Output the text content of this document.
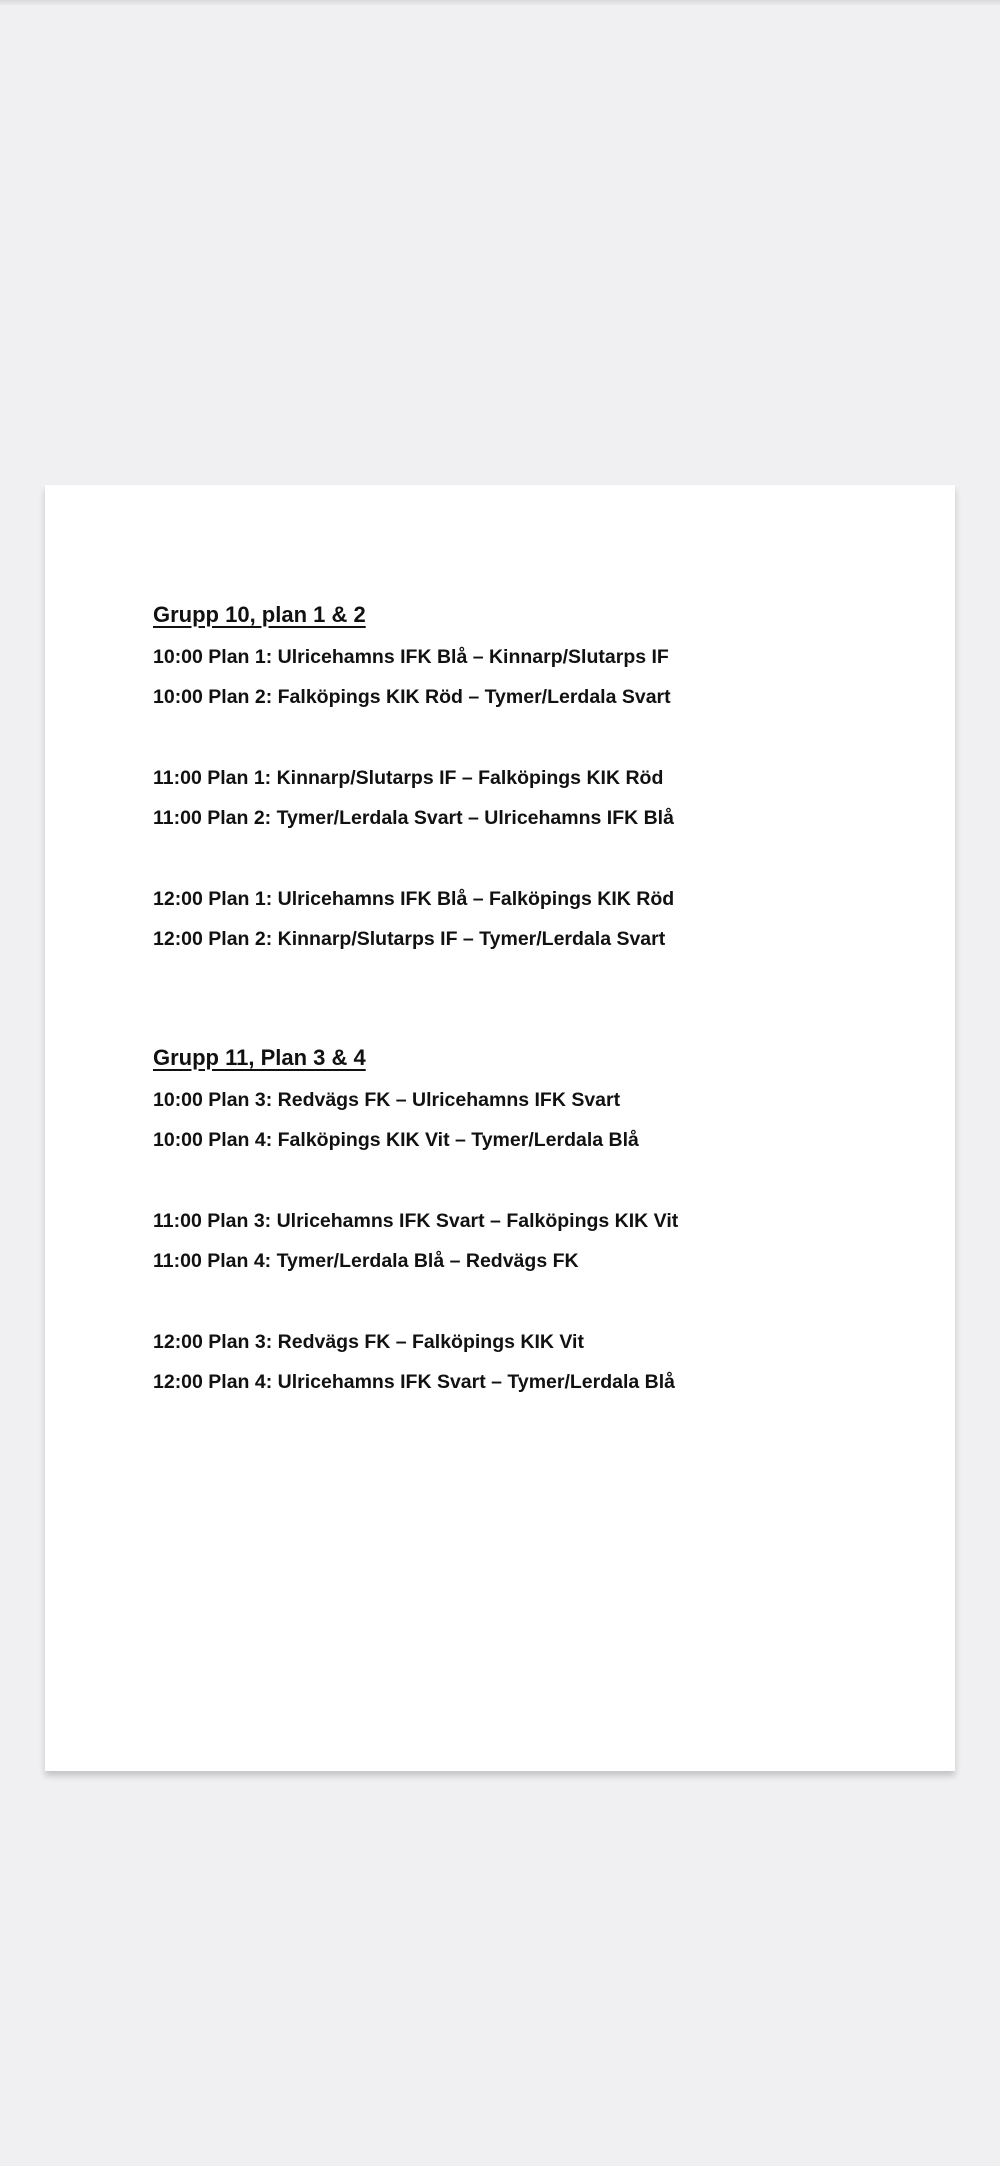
Grupp 10, plan 1 & 2
10:00 Plan 1: Ulricehamns IFK Blå – Kinnarp/Slutarps IF
10:00 Plan 2: Falköpings KIK Röd – Tymer/Lerdala Svart
11:00 Plan 1: Kinnarp/Slutarps IF – Falköpings KIK Röd
11:00 Plan 2: Tymer/Lerdala Svart – Ulricehamns IFK Blå
12:00 Plan 1: Ulricehamns IFK Blå – Falköpings KIK Röd
12:00 Plan 2: Kinnarp/Slutarps IF – Tymer/Lerdala Svart
Grupp 11, Plan 3 & 4
10:00 Plan 3: Redvägs FK – Ulricehamns IFK Svart
10:00 Plan 4: Falköpings KIK Vit – Tymer/Lerdala Blå
11:00 Plan 3: Ulricehamns IFK Svart – Falköpings KIK Vit
11:00 Plan 4: Tymer/Lerdala Blå – Redvägs FK
12:00 Plan 3: Redvägs FK – Falköpings KIK Vit
12:00 Plan 4: Ulricehamns IFK Svart – Tymer/Lerdala Blå
